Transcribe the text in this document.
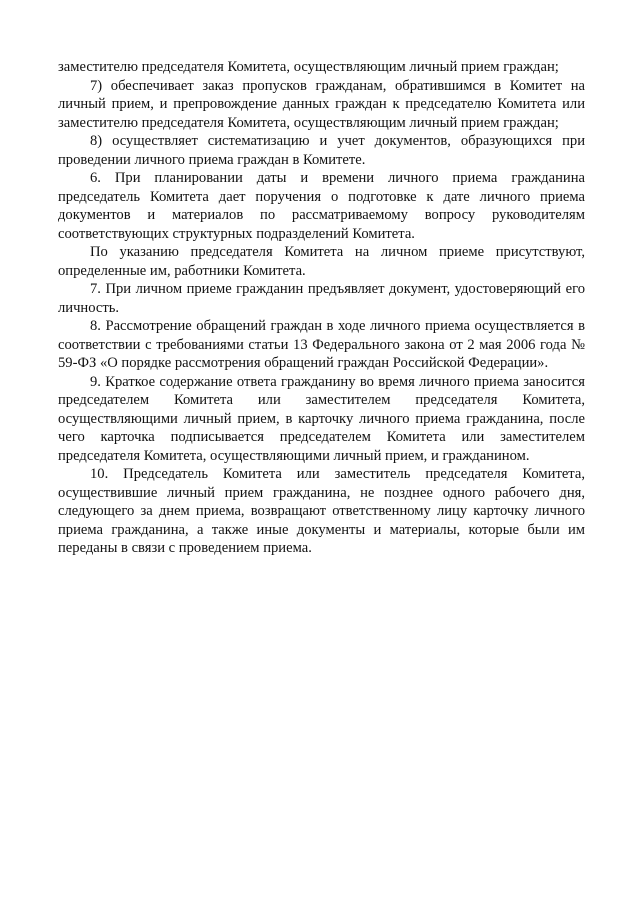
заместителю председателя Комитета, осуществляющим личный прием граждан;

7) обеспечивает заказ пропусков гражданам, обратившимся в Комитет на личный прием, и препровождение данных граждан к председателю Комитета или заместителю председателя Комитета, осуществляющим личный прием граждан;

8) осуществляет систематизацию и учет документов, образующихся при проведении личного приема граждан в Комитете.

6. При планировании даты и времени личного приема гражданина председатель Комитета дает поручения о подготовке к дате личного приема документов и материалов по рассматриваемому вопросу руководителям соответствующих структурных подразделений Комитета.

По указанию председателя Комитета на личном приеме присутствуют, определенные им, работники Комитета.

7. При личном приеме гражданин предъявляет документ, удостоверяющий его личность.

8. Рассмотрение обращений граждан в ходе личного приема осуществляется в соответствии с требованиями статьи 13 Федерального закона от 2 мая 2006 года № 59-ФЗ «О порядке рассмотрения обращений граждан Российской Федерации».

9. Краткое содержание ответа гражданину во время личного приема заносится председателем Комитета или заместителем председателя Комитета, осуществляющими личный прием, в карточку личного приема гражданина, после чего карточка подписывается председателем Комитета или заместителем председателя Комитета, осуществляющими личный прием, и гражданином.

10. Председатель Комитета или заместитель председателя Комитета, осуществившие личный прием гражданина, не позднее одного рабочего дня, следующего за днем приема, возвращают ответственному лицу карточку личного приема гражданина, а также иные документы и материалы, которые были им переданы в связи с проведением приема.
